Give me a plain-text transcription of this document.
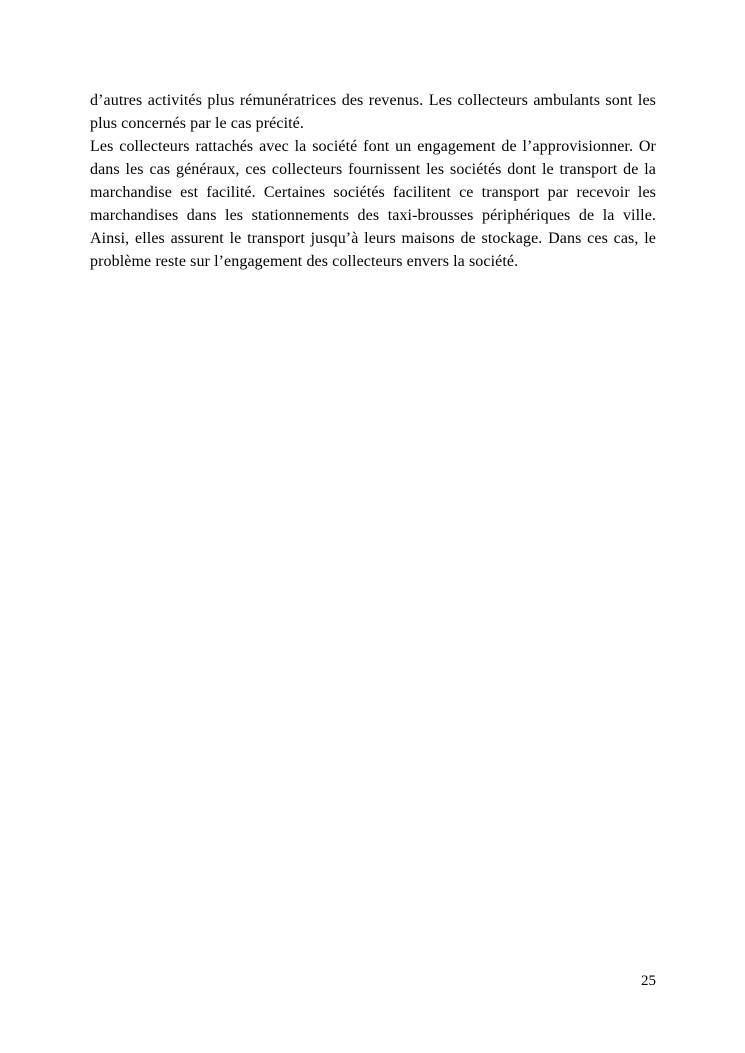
d’autres activités plus rémunératrices des revenus. Les collecteurs ambulants sont les plus concernés par le cas précité.

Les collecteurs rattachés avec la société font un engagement de l’approvisionner. Or dans les cas généraux, ces collecteurs fournissent les sociétés dont le transport de la marchandise est facilité. Certaines sociétés facilitent ce transport par recevoir les marchandises dans les stationnements des taxi-brousses périphériques de la ville. Ainsi, elles assurent le transport jusqu’à leurs maisons de stockage. Dans ces cas, le problème reste sur l’engagement des collecteurs envers la société.

25
